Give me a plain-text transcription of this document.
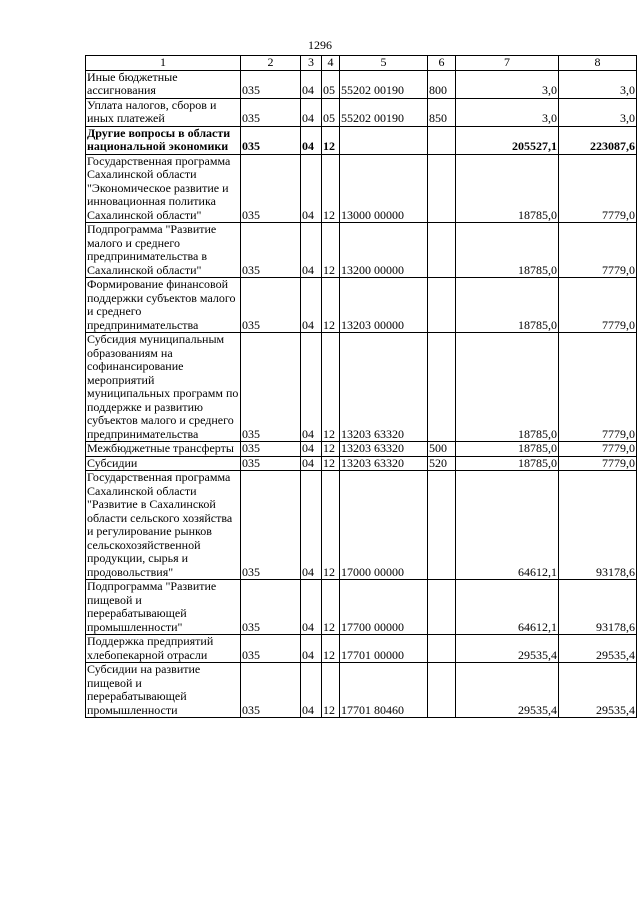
1296
1	2	3	4	5	6	7	8
Иные бюджетные ассигнования	035	04	05	55202 00190	800	3,0	3,0
Уплата налогов, сборов и иных платежей	035	04	05	55202 00190	850	3,0	3,0
Другие вопросы в области национальной экономики	035	04	12			205527,1	223087,6
Государственная программа Сахалинской области "Экономическое развитие и инновационная политика Сахалинской области"	035	04	12	13000 00000		18785,0	7779,0
Подпрограмма "Развитие малого и среднего предпринимательства в Сахалинской области"	035	04	12	13200 00000		18785,0	7779,0
Формирование финансовой поддержки субъектов малого и среднего предпринимательства	035	04	12	13203 00000		18785,0	7779,0
Субсидия муниципальным образованиям на софинансирование мероприятий муниципальных программ по поддержке и развитию субъектов малого и среднего предпринимательства	035	04	12	13203 63320		18785,0	7779,0
Межбюджетные трансферты	035	04	12	13203 63320	500	18785,0	7779,0
Субсидии	035	04	12	13203 63320	520	18785,0	7779,0
Государственная программа Сахалинской области "Развитие в Сахалинской области сельского хозяйства и регулирование рынков сельскохозяйственной продукции, сырья и продовольствия"	035	04	12	17000 00000		64612,1	93178,6
Подпрограмма "Развитие пищевой и перерабатывающей промышленности"	035	04	12	17700 00000		64612,1	93178,6
Поддержка предприятий хлебопекарной отрасли	035	04	12	17701 00000		29535,4	29535,4
Субсидии на развитие пищевой и перерабатывающей промышленности	035	04	12	17701 80460		29535,4	29535,4
